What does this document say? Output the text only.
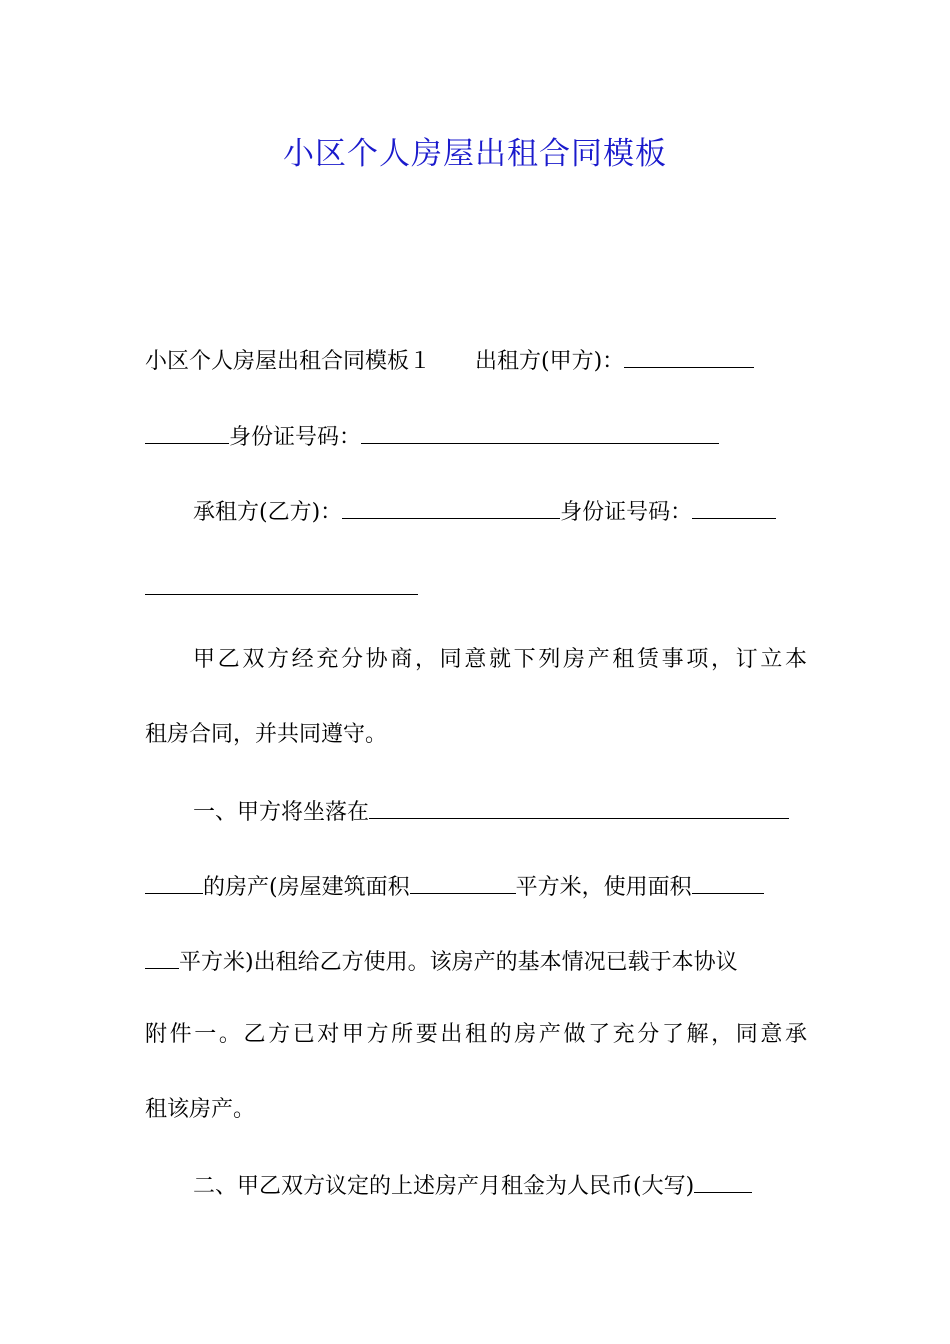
小区个人房屋出租合同模板
小区个人房屋出租合同模板１　　出租方(甲方)：
身份证号码：
承租方(乙方)：	身份证号码：
甲乙双方经充分协商，同意就下列房产租赁事项，订立本
租房合同，并共同遵守。
一、甲方将坐落在
的房产(房屋建筑面积	平方米，使用面积
平方米)出租给乙方使用。该房产的基本情况已载于本协议
附件一。乙方已对甲方所要出租的房产做了充分了解，同意承
租该房产。
二、甲乙双方议定的上述房产月租金为人民币(大写)
